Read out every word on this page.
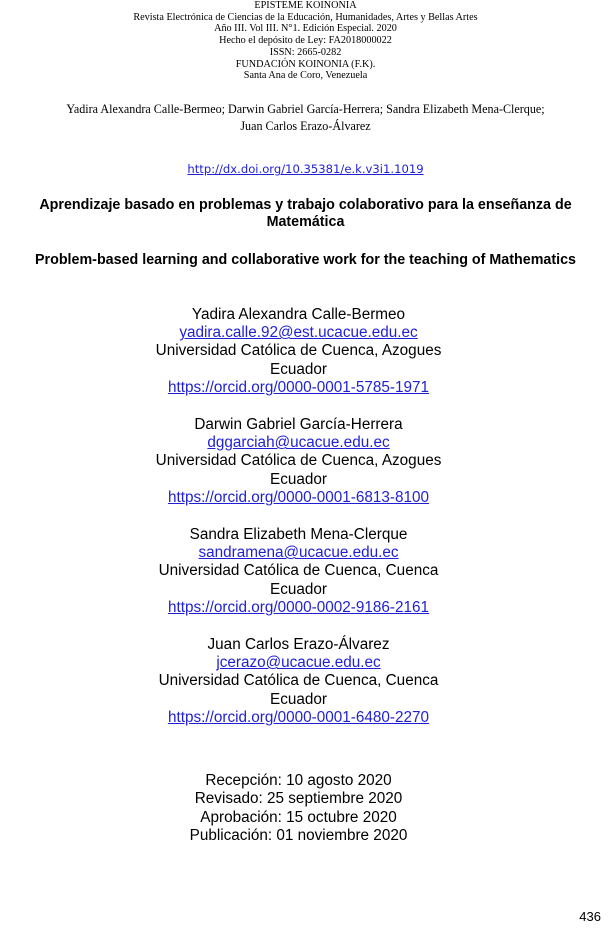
EPISTEME KOINONIA
Revista Electrónica de Ciencias de la Educación, Humanidades, Artes y Bellas Artes
Año III. Vol III. N°1. Edición Especial. 2020
Hecho el depósito de Ley: FA2018000022
ISSN: 2665-0282
FUNDACIÓN KOINONIA (F.K).
Santa Ana de Coro, Venezuela
Yadira Alexandra Calle-Bermeo; Darwin Gabriel García-Herrera; Sandra Elizabeth Mena-Clerque;
Juan Carlos Erazo-Álvarez
http://dx.doi.org/10.35381/e.k.v3i1.1019
Aprendizaje basado en problemas y trabajo colaborativo para la enseñanza de
Matemática
Problem-based learning and collaborative work for the teaching of Mathematics
Yadira Alexandra Calle-Bermeo
yadira.calle.92@est.ucacue.edu.ec
Universidad Católica de Cuenca, Azogues
Ecuador
https://orcid.org/0000-0001-5785-1971
Darwin Gabriel García-Herrera
dggarciah@ucacue.edu.ec
Universidad Católica de Cuenca, Azogues
Ecuador
https://orcid.org/0000-0001-6813-8100
Sandra Elizabeth Mena-Clerque
sandramena@ucacue.edu.ec
Universidad Católica de Cuenca, Cuenca
Ecuador
https://orcid.org/0000-0002-9186-2161
Juan Carlos Erazo-Álvarez
jcerazo@ucacue.edu.ec
Universidad Católica de Cuenca, Cuenca
Ecuador
https://orcid.org/0000-0001-6480-2270
Recepción: 10 agosto 2020
Revisado: 25 septiembre 2020
Aprobación: 15 octubre 2020
Publicación: 01 noviembre 2020
436
